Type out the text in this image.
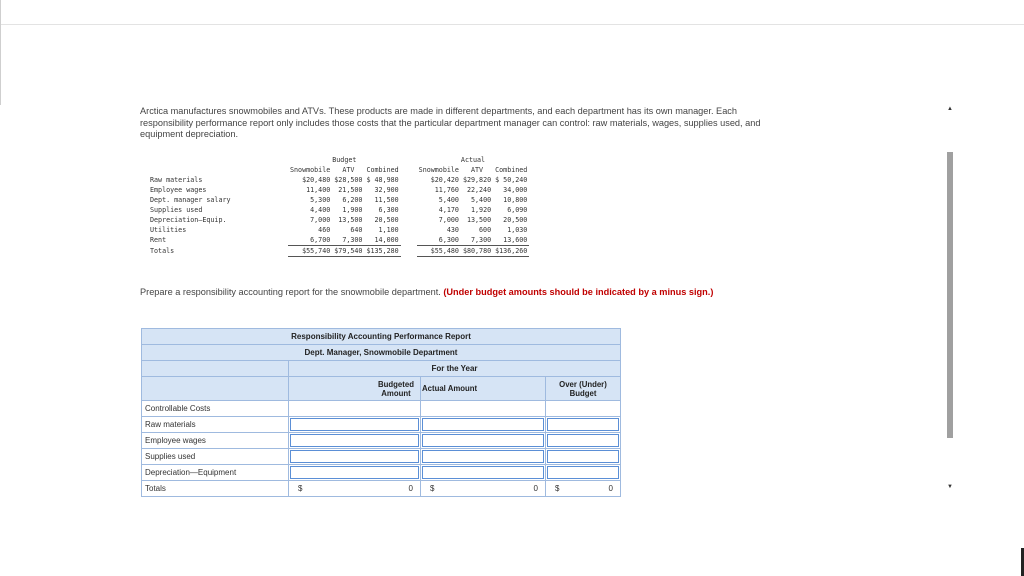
Arctica manufactures snowmobiles and ATVs. These products are made in different departments, and each department has its own manager. Each responsibility performance report only includes those costs that the particular department manager can control: raw materials, wages, supplies used, and equipment depreciation.

	Budget				Actual		
	Snowmobile	ATV	Combined		Snowmobile	ATV	Combined
Raw materials	$20,480	$28,500	$ 48,980		$20,420	$29,820	$ 50,240
Employee wages	11,400	21,500	32,900		11,760	22,240	34,000
Dept. manager salary	5,300	6,200	11,500		5,400	5,400	10,800
Supplies used	4,400	1,900	6,300		4,170	1,920	6,090
Depreciation—Equip.	7,000	13,500	20,500		7,000	13,500	20,500
Utilities	460	640	1,100		430	600	1,030
Rent	6,700	7,300	14,000		6,300	7,300	13,600
Totals	$55,740	$79,540	$135,280		$55,480	$80,780	$136,260
Prepare a responsibility accounting report for the snowmobile department. (Under budget amounts should be indicated by a minus sign.)
Responsibility Accounting Performance Report			
Dept. Manager, Snowmobile Department			
	For the Year		
	Budgeted Amount	Actual Amount	Over (Under) Budget
Controllable Costs			
Raw materials	

Employee wages	

Supplies used	

Depreciation—Equipment	

Totals	$ 0	$ 0	$ 0
▲
▼
